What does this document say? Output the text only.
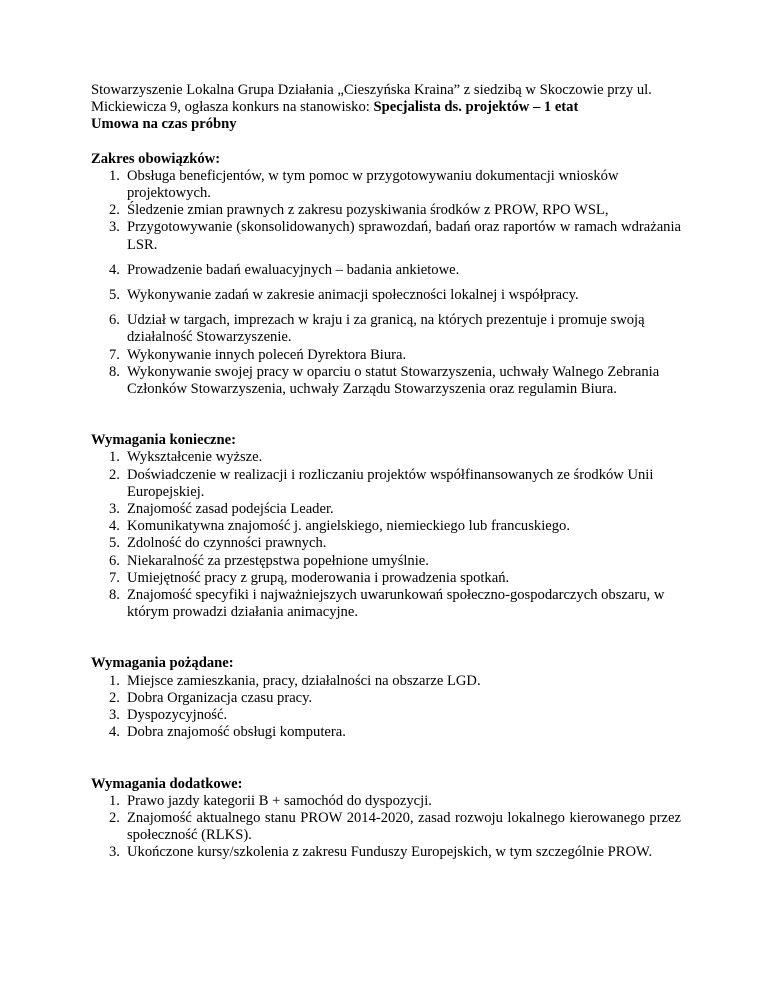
Stowarzyszenie Lokalna Grupa Działania „Cieszyńska Kraina” z siedzibą w Skoczowie przy ul. Mickiewicza 9, ogłasza konkurs na stanowisko: Specjalista ds. projektów – 1 etat
Umowa na czas próbny

Zakres obowiązków:

1. Obsługa beneficjentów, w tym pomoc w przygotowywaniu dokumentacji wniosków projektowych.
2. Śledzenie zmian prawnych z zakresu pozyskiwania środków z PROW, RPO WSL,
3. Przygotowywanie (skonsolidowanych) sprawozdań, badań oraz raportów w ramach wdrażania LSR.
4. Prowadzenie badań ewaluacyjnych – badania ankietowe.
5. Wykonywanie zadań w zakresie animacji społeczności lokalnej i współpracy.
6. Udział w targach, imprezach w kraju i za granicą, na których prezentuje i promuje swoją działalność Stowarzyszenie.
7. Wykonywanie innych poleceń Dyrektora Biura.
8. Wykonywanie swojej pracy w oparciu o statut Stowarzyszenia, uchwały Walnego Zebrania Członków Stowarzyszenia, uchwały Zarządu Stowarzyszenia oraz regulamin Biura.

Wymagania konieczne:

1. Wykształcenie wyższe.
2. Doświadczenie w realizacji i rozliczaniu projektów współfinansowanych ze środków Unii Europejskiej.
3. Znajomość zasad podejścia Leader.
4. Komunikatywna znajomość j. angielskiego, niemieckiego lub francuskiego.
5. Zdolność do czynności prawnych.
6. Niekaralność za przestępstwa popełnione umyślnie.
7. Umiejętność pracy z grupą, moderowania i prowadzenia spotkań.
8. Znajomość specyfiki i najważniejszych uwarunkowań społeczno-gospodarczych obszaru, w którym prowadzi działania animacyjne.

Wymagania pożądane:

1. Miejsce zamieszkania, pracy, działalności na obszarze LGD.
2. Dobra Organizacja czasu pracy.
3. Dyspozycyjność.
4. Dobra znajomość obsługi komputera.

Wymagania dodatkowe:

1. Prawo jazdy kategorii B + samochód do dyspozycji.
2. Znajomość aktualnego stanu PROW 2014-2020, zasad rozwoju lokalnego kierowanego przez społeczność (RLKS).
3. Ukończone kursy/szkolenia z zakresu Funduszy Europejskich, w tym szczególnie PROW.
